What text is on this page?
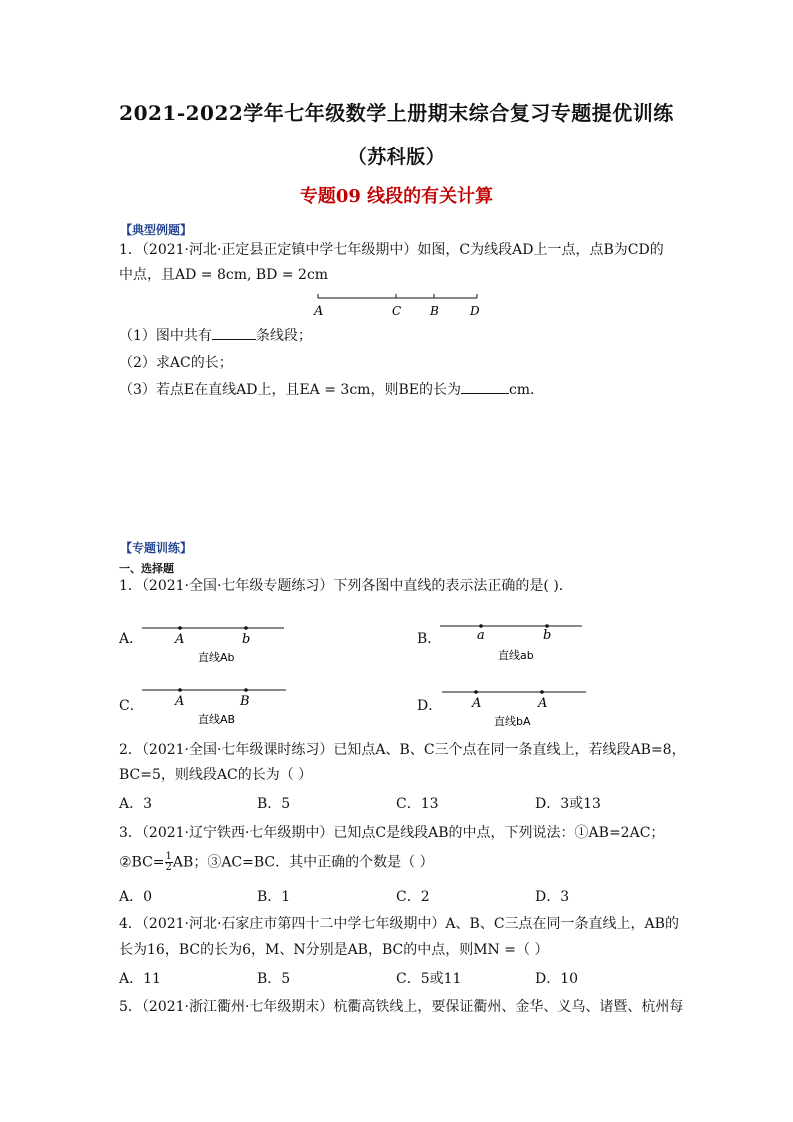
2021-2022学年七年级数学上册期末综合复习专题提优训练
（苏科版）
专题09 线段的有关计算
【典型例题】
1．（2021·河北·正定县正定镇中学七年级期中）如图，C为线段AD上一点，点B为CD的
中点，且AD = 8cm, BD = 2cm
A	C B	D
（1）图中共有	条线段；
（2）求AC的长；
（3）若点E在直线AD上，且EA = 3cm，则BE的长为	cm．
【专题训练】
一、选择题
1．（2021·全国·七年级专题练习）下列各图中直线的表示法正确的是( )．
A． A	b
直线Ab
B．	a	b
直线ab
C． A	B
直线AB
D． A	A
直线bA
2．（2021·全国·七年级课时练习）已知点A、B、C三个点在同一条直线上，若线段AB=8，
BC=5，则线段AC的长为（ ）
A．3	B．5	C．13	D．3或13
3．（2021·辽宁铁西·七年级期中）已知点C是线段AB的中点，下列说法：①AB=2AC；
②BC= $\frac{1}{2}$ AB；③AC=BC．其中正确的个数是（ ）
A．0	B．1	C．2	D．3
4．（2021·河北·石家庄市第四十二中学七年级期中）A、B、C三点在同一条直线上，AB的
长为16，BC的长为6，M、N分别是AB，BC的中点，则MN =（ ）
A．11	B．5	C．5或11	D．10
5．（2021·浙江衢州·七年级期末）杭衢高铁线上，要保证衢州、金华、义乌、诸暨、杭州每
